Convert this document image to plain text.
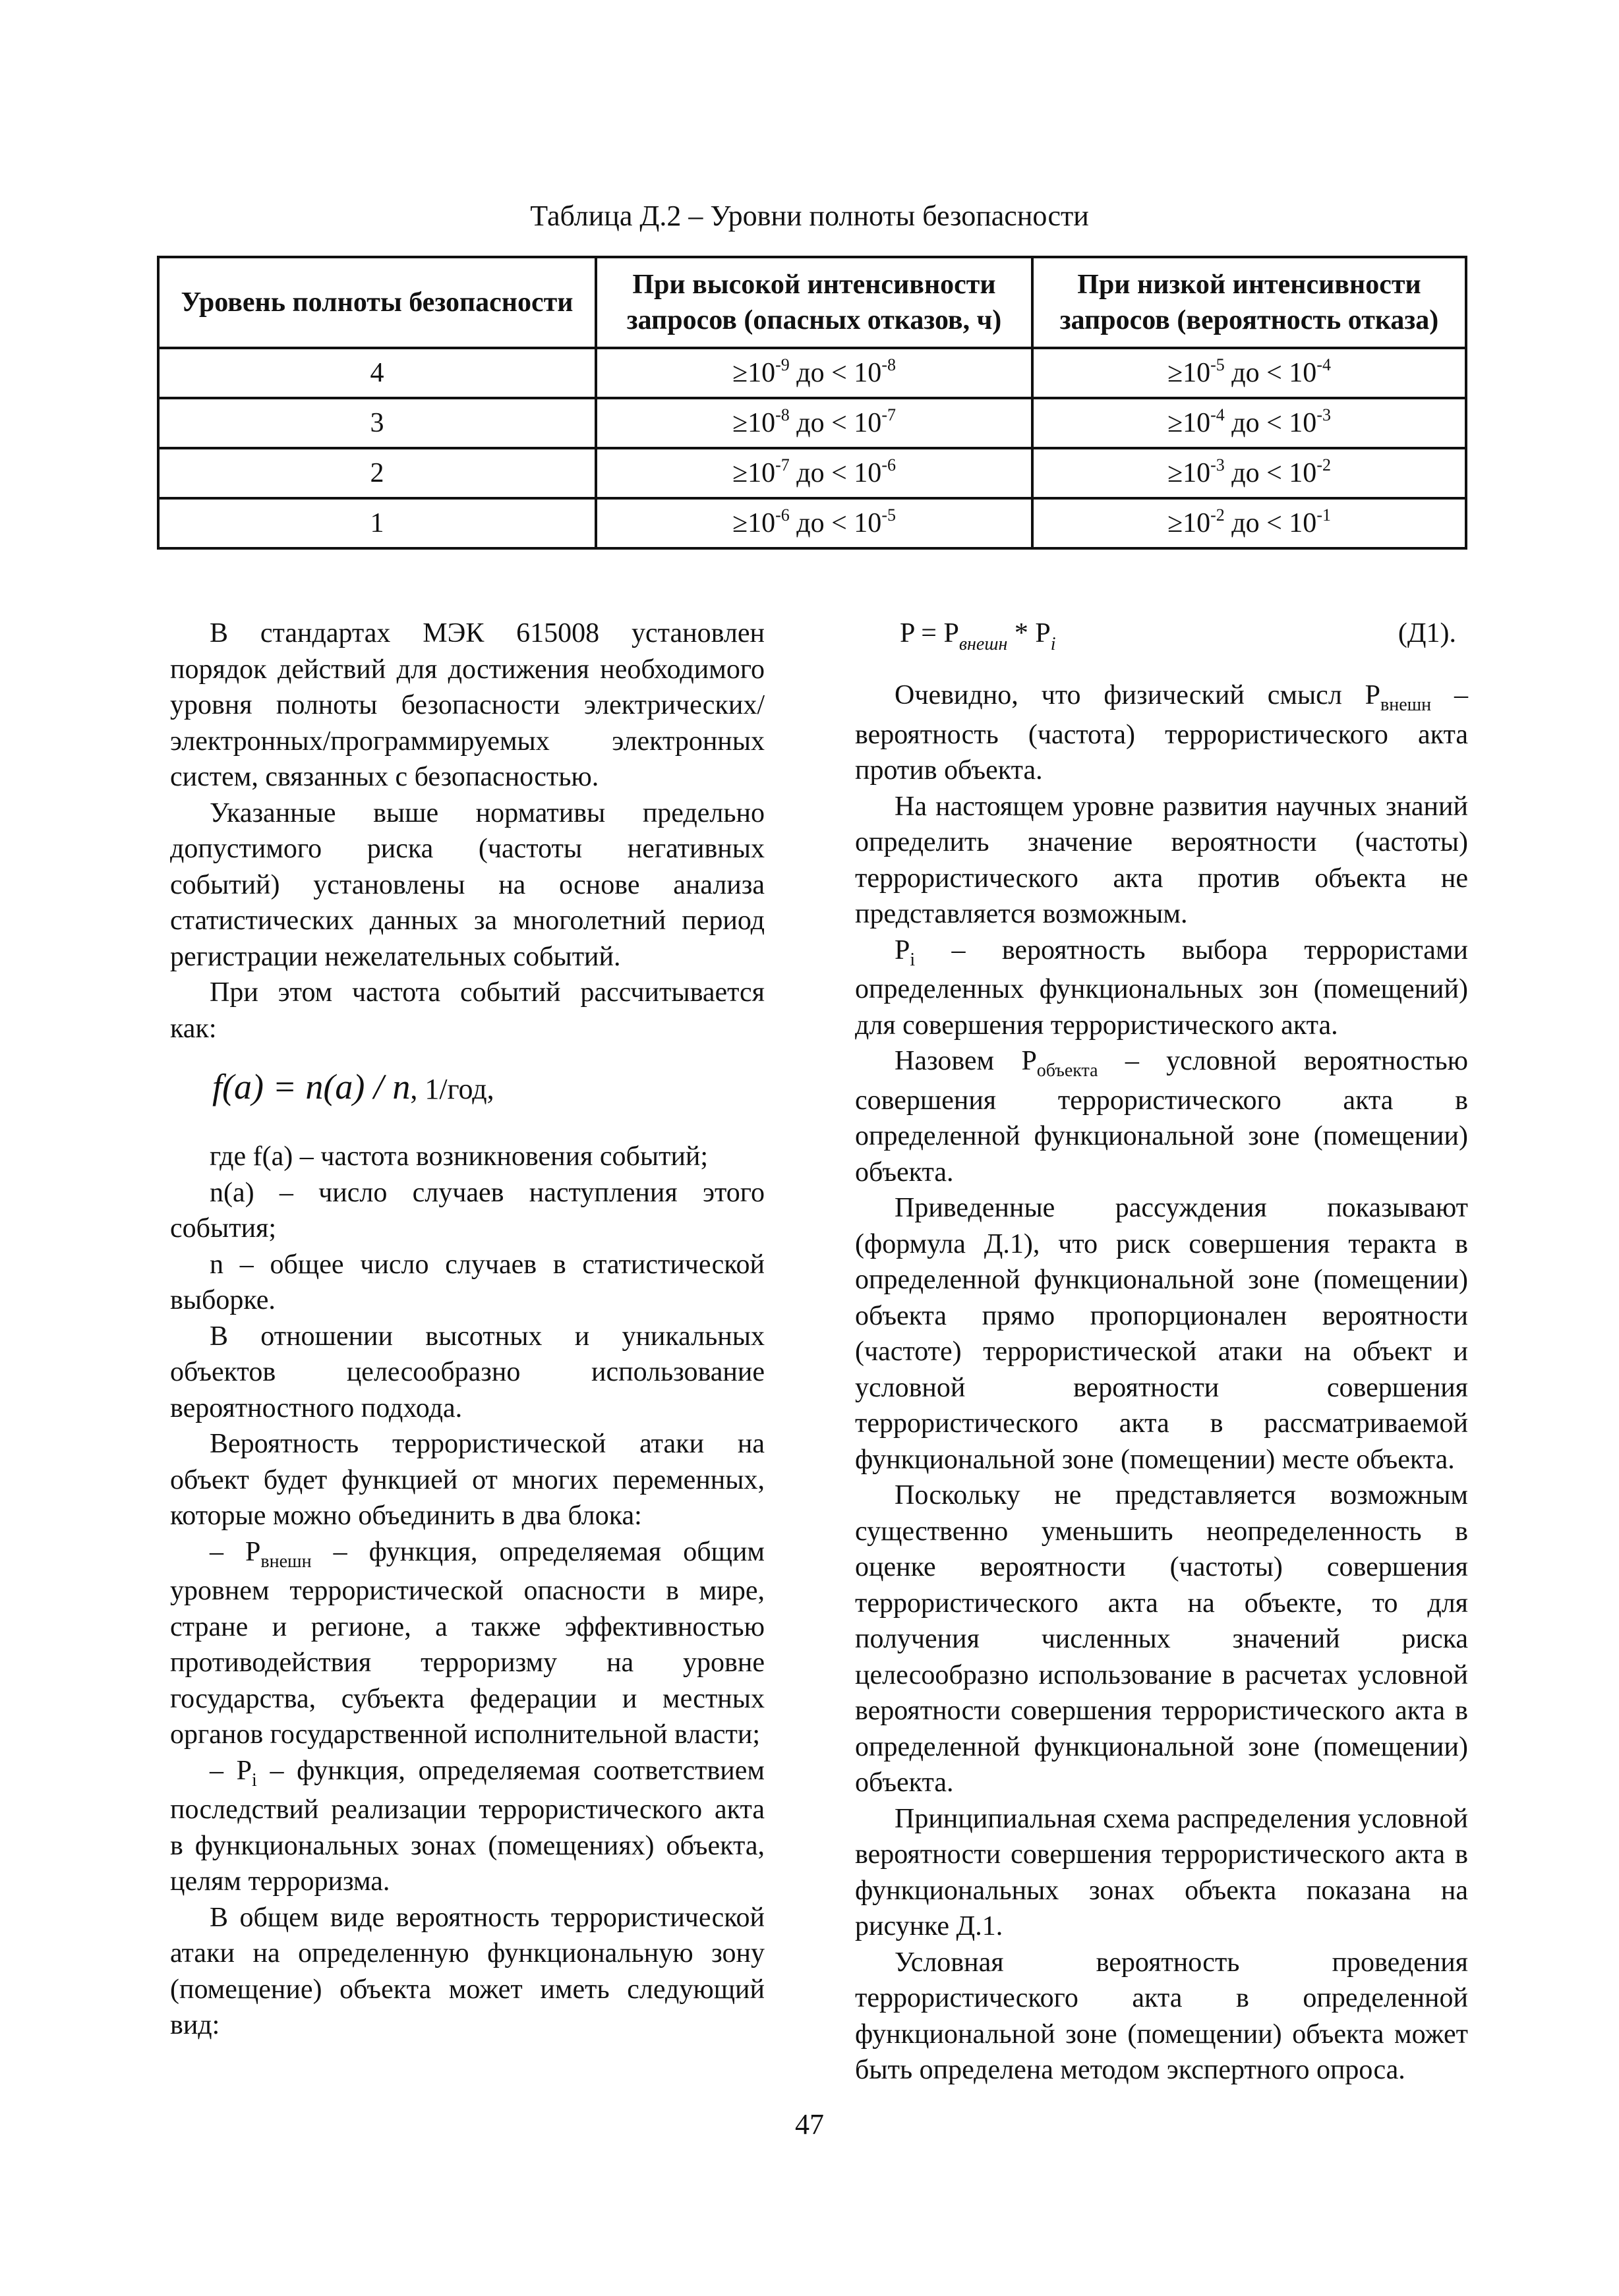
Таблица Д.2 – Уровни полноты безопасности
Уровень полноты безопасности	При высокой интенсивности запросов (опасных отказов, ч)	При низкой интенсивности запросов (вероятность отказа)
4	$\ge 10^{-9}$ до < $10^{-8}$	$\ge 10^{-5}$ до < $10^{-4}$
3	$\ge 10^{-8}$ до < $10^{-7}$	$\ge 10^{-4}$ до < $10^{-3}$
2	$\ge 10^{-7}$ до < $10^{-6}$	$\ge 10^{-3}$ до < $10^{-2}$
1	$\ge 10^{-6}$ до < $10^{-5}$	$\ge 10^{-2}$ до < $10^{-1}$

В стандартах МЭК 615008 установлен порядок действий для достижения необходимого уровня полноты безопасности электрических/электронных/программируемых электронных систем, связанных с безопасностью.

Указанные выше нормативы предельно допустимого риска (частоты негативных событий) установлены на основе анализа статистических данных за многолетний период регистрации нежелательных событий.

При этом частота событий рассчитывается как:

f(a) = n(a) / n, 1/год,

где f(a) – частота возникновения событий;

n(a) – число случаев наступления этого события;

n – общее число случаев в статистической выборке.

В отношении высотных и уникальных объектов целесообразно использование вероятностного подхода.

Вероятность террористической атаки на объект будет функцией от многих переменных, которые можно объединить в два блока:

– $P_{внешн}$ – функция, определяемая общим уровнем террористической опасности в мире, стране и регионе, а также эффективностью противодействия терроризму на уровне государства, субъекта федерации и местных органов государственной исполнительной власти;

– $P_i$ – функция, определяемая соответствием последствий реализации террористического акта в функциональных зонах (помещениях) объекта, целям терроризма.

В общем виде вероятность террористической атаки на определенную функциональную зону (помещение) объекта может иметь следующий вид:

$P = P_{внешн} * P_i$	(Д1).

Очевидно, что физический смысл $P_{внешн}$ – вероятность (частота) террористического акта против объекта.

На настоящем уровне развития научных знаний определить значение вероятности (частоты) террористического акта против объекта не представляется возможным.

$P_i$ – вероятность выбора террористами определенных функциональных зон (помещений) для совершения террористического акта.

Назовем $P_{объекта}$ – условной вероятностью совершения террористического акта в определенной функциональной зоне (помещении) объекта.

Приведенные рассуждения показывают (формула Д.1), что риск совершения теракта в определенной функциональной зоне (помещении) объекта прямо пропорционален вероятности (частоте) террористической атаки на объект и условной вероятности совершения террористического акта в рассматриваемой функциональной зоне (помещении) месте объекта.

Поскольку не представляется возможным существенно уменьшить неопределенность в оценке вероятности (частоты) совершения террористического акта на объекте, то для получения численных значений риска целесообразно использование в расчетах условной вероятности совершения террористического акта в определенной функциональной зоне (помещении) объекта.

Принципиальная схема распределения условной вероятности совершения террористического акта в функциональных зонах объекта показана на рисунке Д.1.

Условная вероятность проведения террористического акта в определенной функциональной зоне (помещении) объекта может быть определена методом экспертного опроса.

47
